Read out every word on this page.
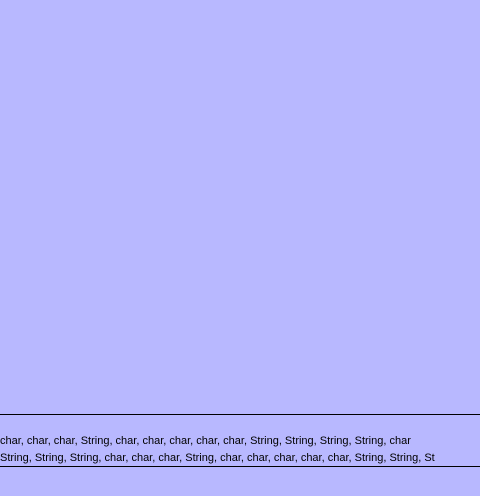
char, char, char, String, char, char, char, char, char, String, String, String, String, char
String, String, String, char, char, char, String, char, char, char, char, char, String, String, St
